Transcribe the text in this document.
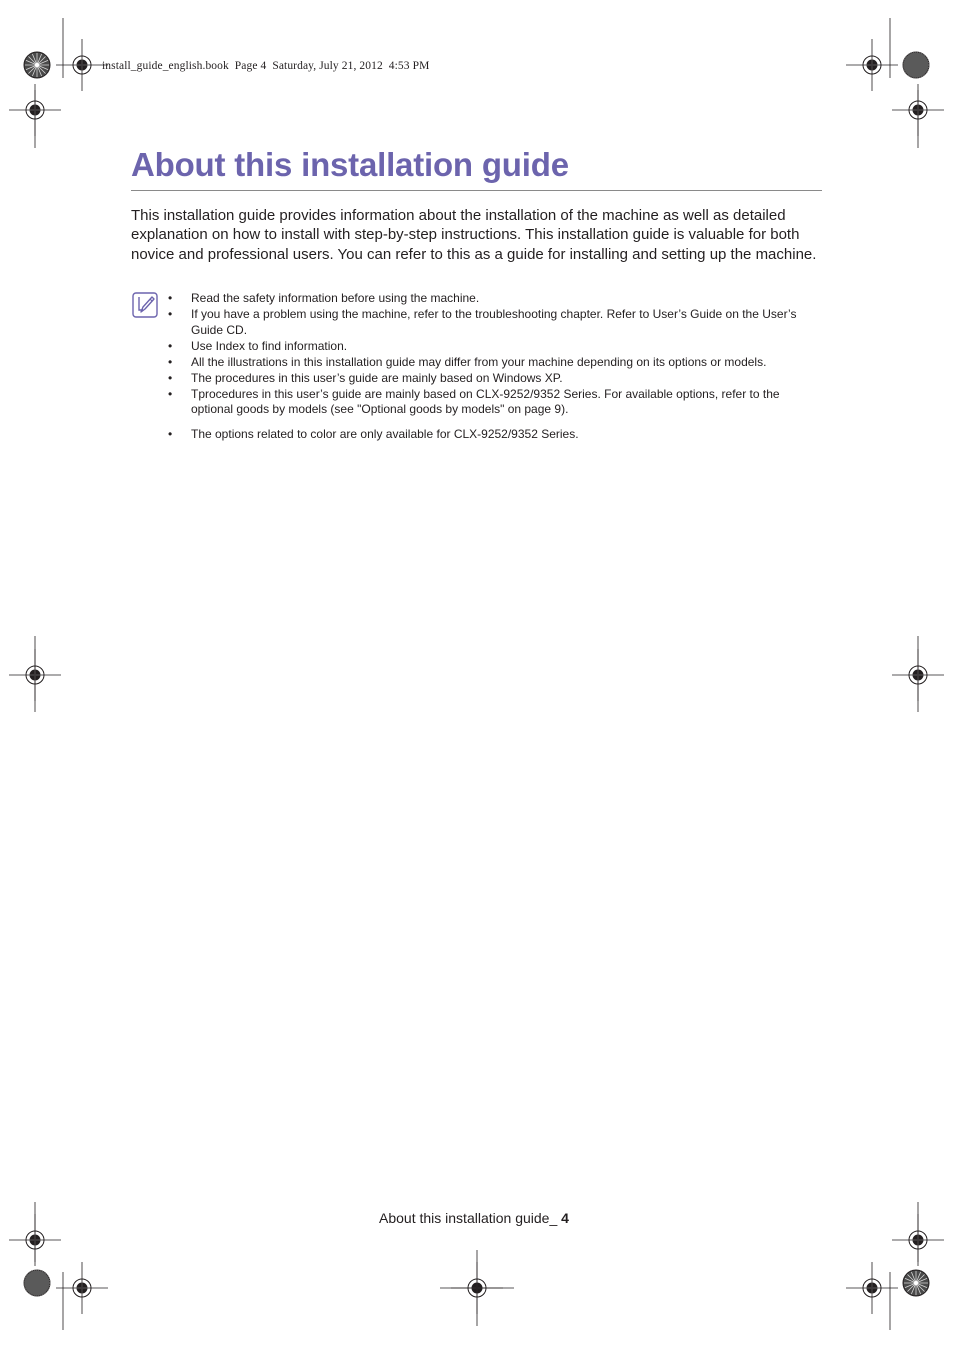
install_guide_english.book  Page 4  Saturday, July 21, 2012  4:53 PM
About this installation guide

This installation guide provides information about the installation of the machine as well as detailed explanation on how to install with step-by-step instructions. This installation guide is valuable for both novice and professional users. You can refer to this as a guide for installing and setting up the machine.

• Read the safety information before using the machine.
• If you have a problem using the machine, refer to the troubleshooting chapter. Refer to User’s Guide on the User’s Guide CD.
• Use Index to find information.
• All the illustrations in this installation guide may differ from your machine depending on its options or models.
• The procedures in this user’s guide are mainly based on Windows XP.
• Tprocedures in this user’s guide are mainly based on CLX-9252/9352 Series. For available options, refer to the optional goods by models (see "Optional goods by models" on page 9).
• The options related to color are only available for CLX-9252/9352 Series.
About this installation guide_ 4
